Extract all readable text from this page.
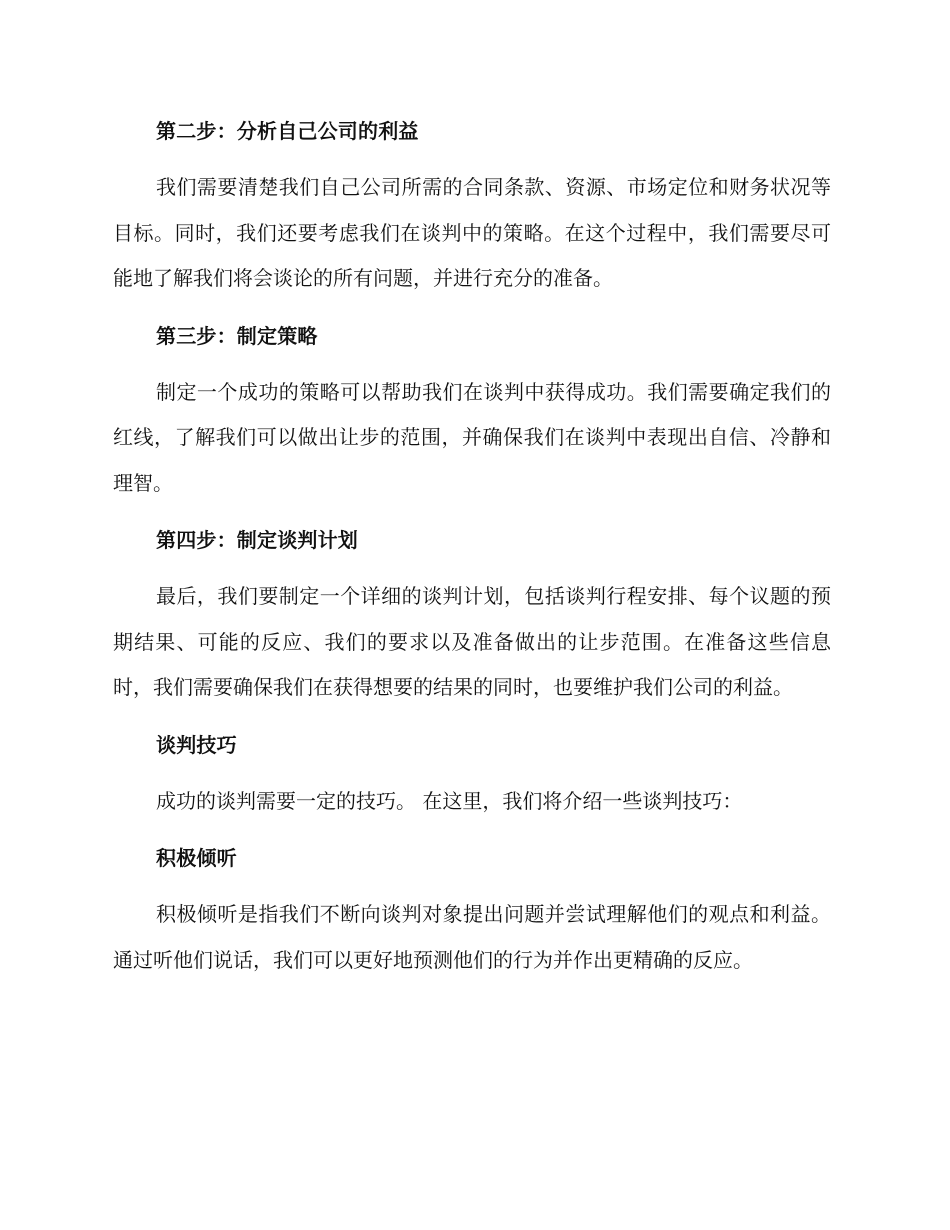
第二步：分析自己公司的利益

我们需要清楚我们自己公司所需的合同条款、资源、市场定位和财务状况等目标。同时，我们还要考虑我们在谈判中的策略。在这个过程中，我们需要尽可能地了解我们将会谈论的所有问题，并进行充分的准备。

第三步：制定策略

制定一个成功的策略可以帮助我们在谈判中获得成功。我们需要确定我们的红线，了解我们可以做出让步的范围，并确保我们在谈判中表现出自信、冷静和理智。

第四步：制定谈判计划

最后，我们要制定一个详细的谈判计划，包括谈判行程安排、每个议题的预期结果、可能的反应、我们的要求以及准备做出的让步范围。在准备这些信息时，我们需要确保我们在获得想要的结果的同时，也要维护我们公司的利益。

谈判技巧

成功的谈判需要一定的技巧。 在这里，我们将介绍一些谈判技巧：

积极倾听

积极倾听是指我们不断向谈判对象提出问题并尝试理解他们的观点和利益。通过听他们说话，我们可以更好地预测他们的行为并作出更精确的反应。
